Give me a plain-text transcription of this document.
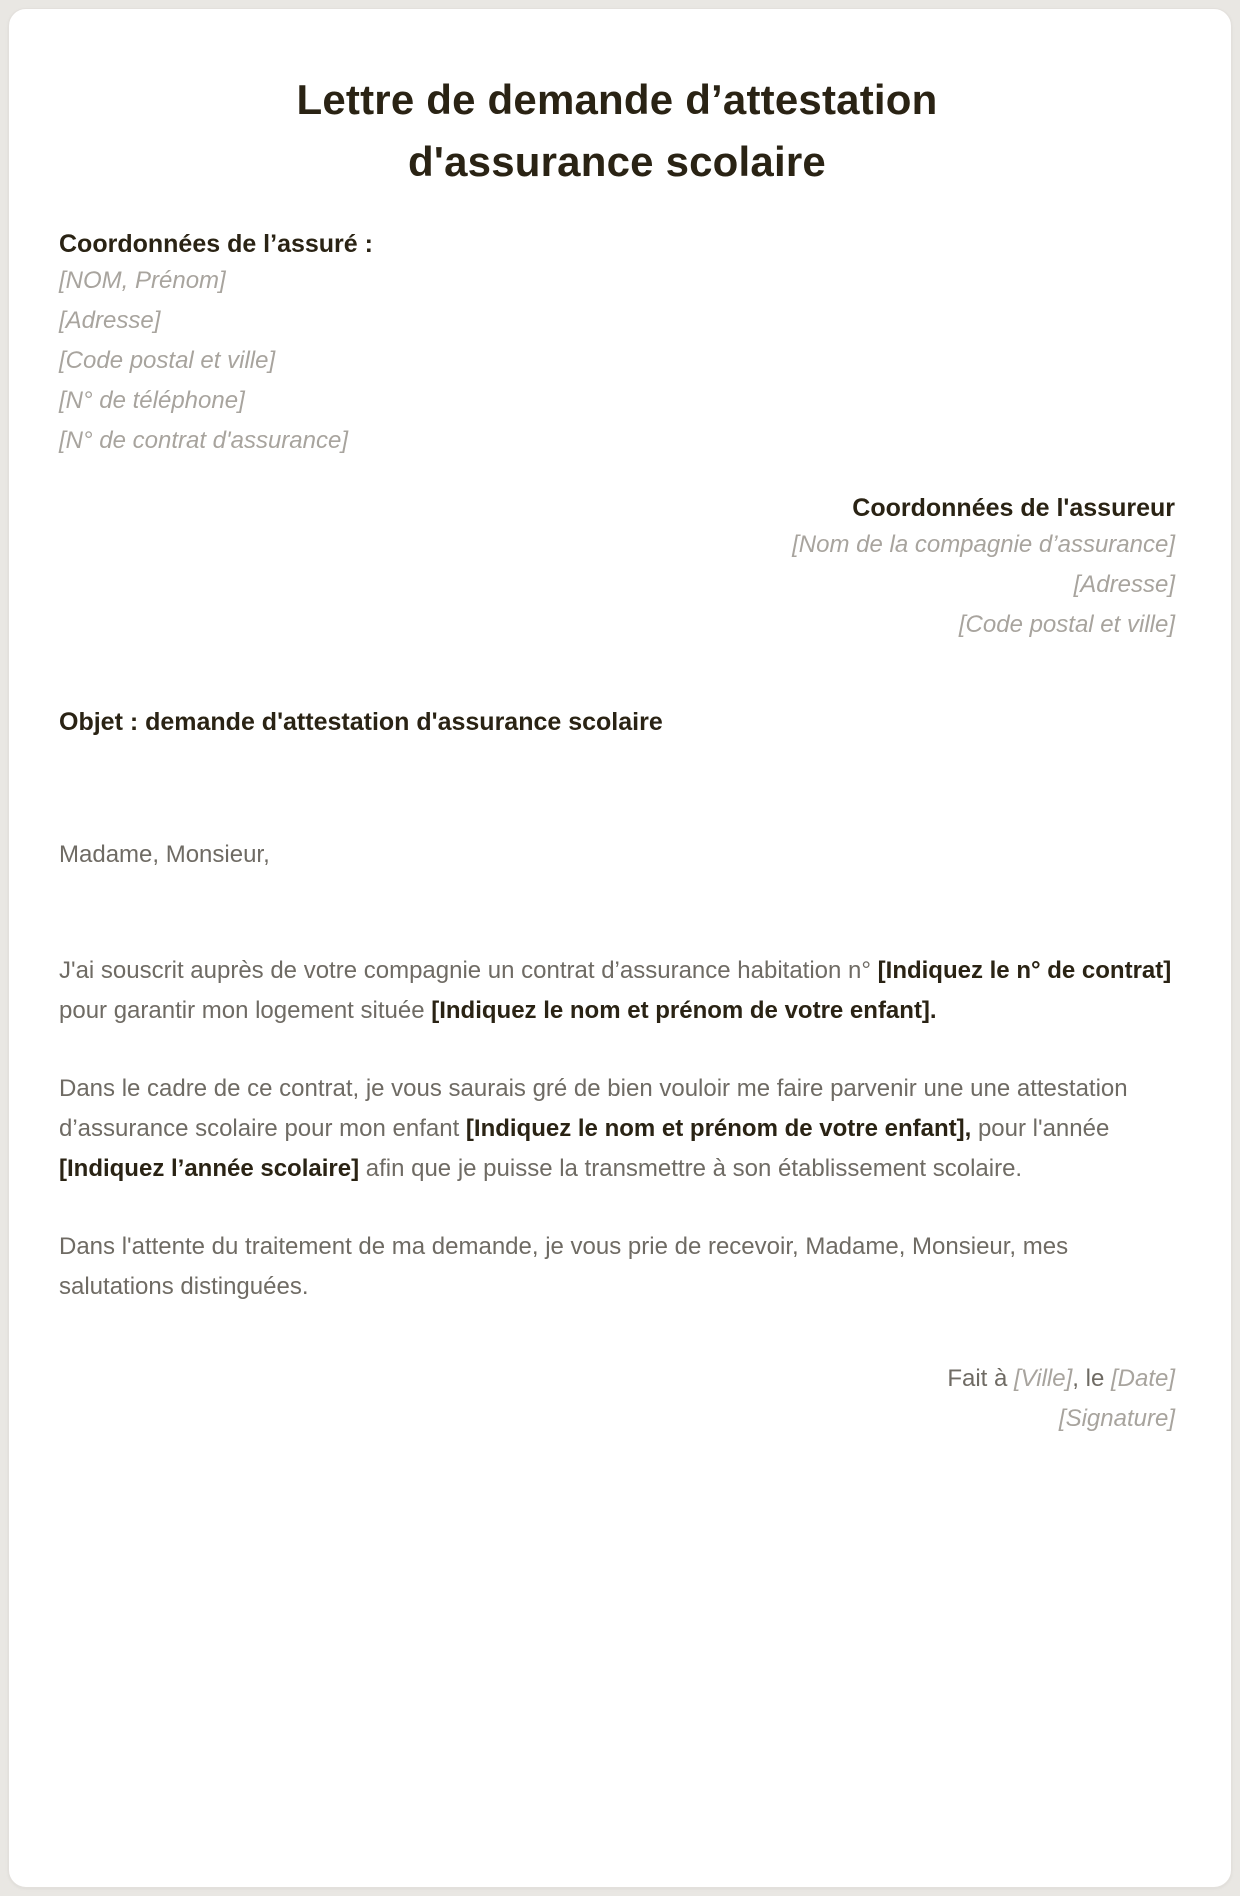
Lettre de demande d’attestation
d'assurance scolaire
Coordonnées de l’assuré :
[NOM, Prénom]
[Adresse]
[Code postal et ville]
[N° de téléphone]
[N° de contrat d'assurance]
Coordonnées de l'assureur
[Nom de la compagnie d’assurance]
[Adresse]
[Code postal et ville]
Objet : demande d'attestation d'assurance scolaire
Madame, Monsieur,

J'ai souscrit auprès de votre compagnie un contrat d’assurance habitation n° [Indiquez le n° de contrat] pour garantir mon logement située [Indiquez le nom et prénom de votre enfant].

Dans le cadre de ce contrat, je vous saurais gré de bien vouloir me faire parvenir une une attestation d’assurance scolaire pour mon enfant [Indiquez le nom et prénom de votre enfant], pour l'année [Indiquez l’année scolaire] afin que je puisse la transmettre à son établissement scolaire.

Dans l'attente du traitement de ma demande, je vous prie de recevoir, Madame, Monsieur, mes salutations distinguées.

Fait à [Ville], le [Date]
[Signature]
